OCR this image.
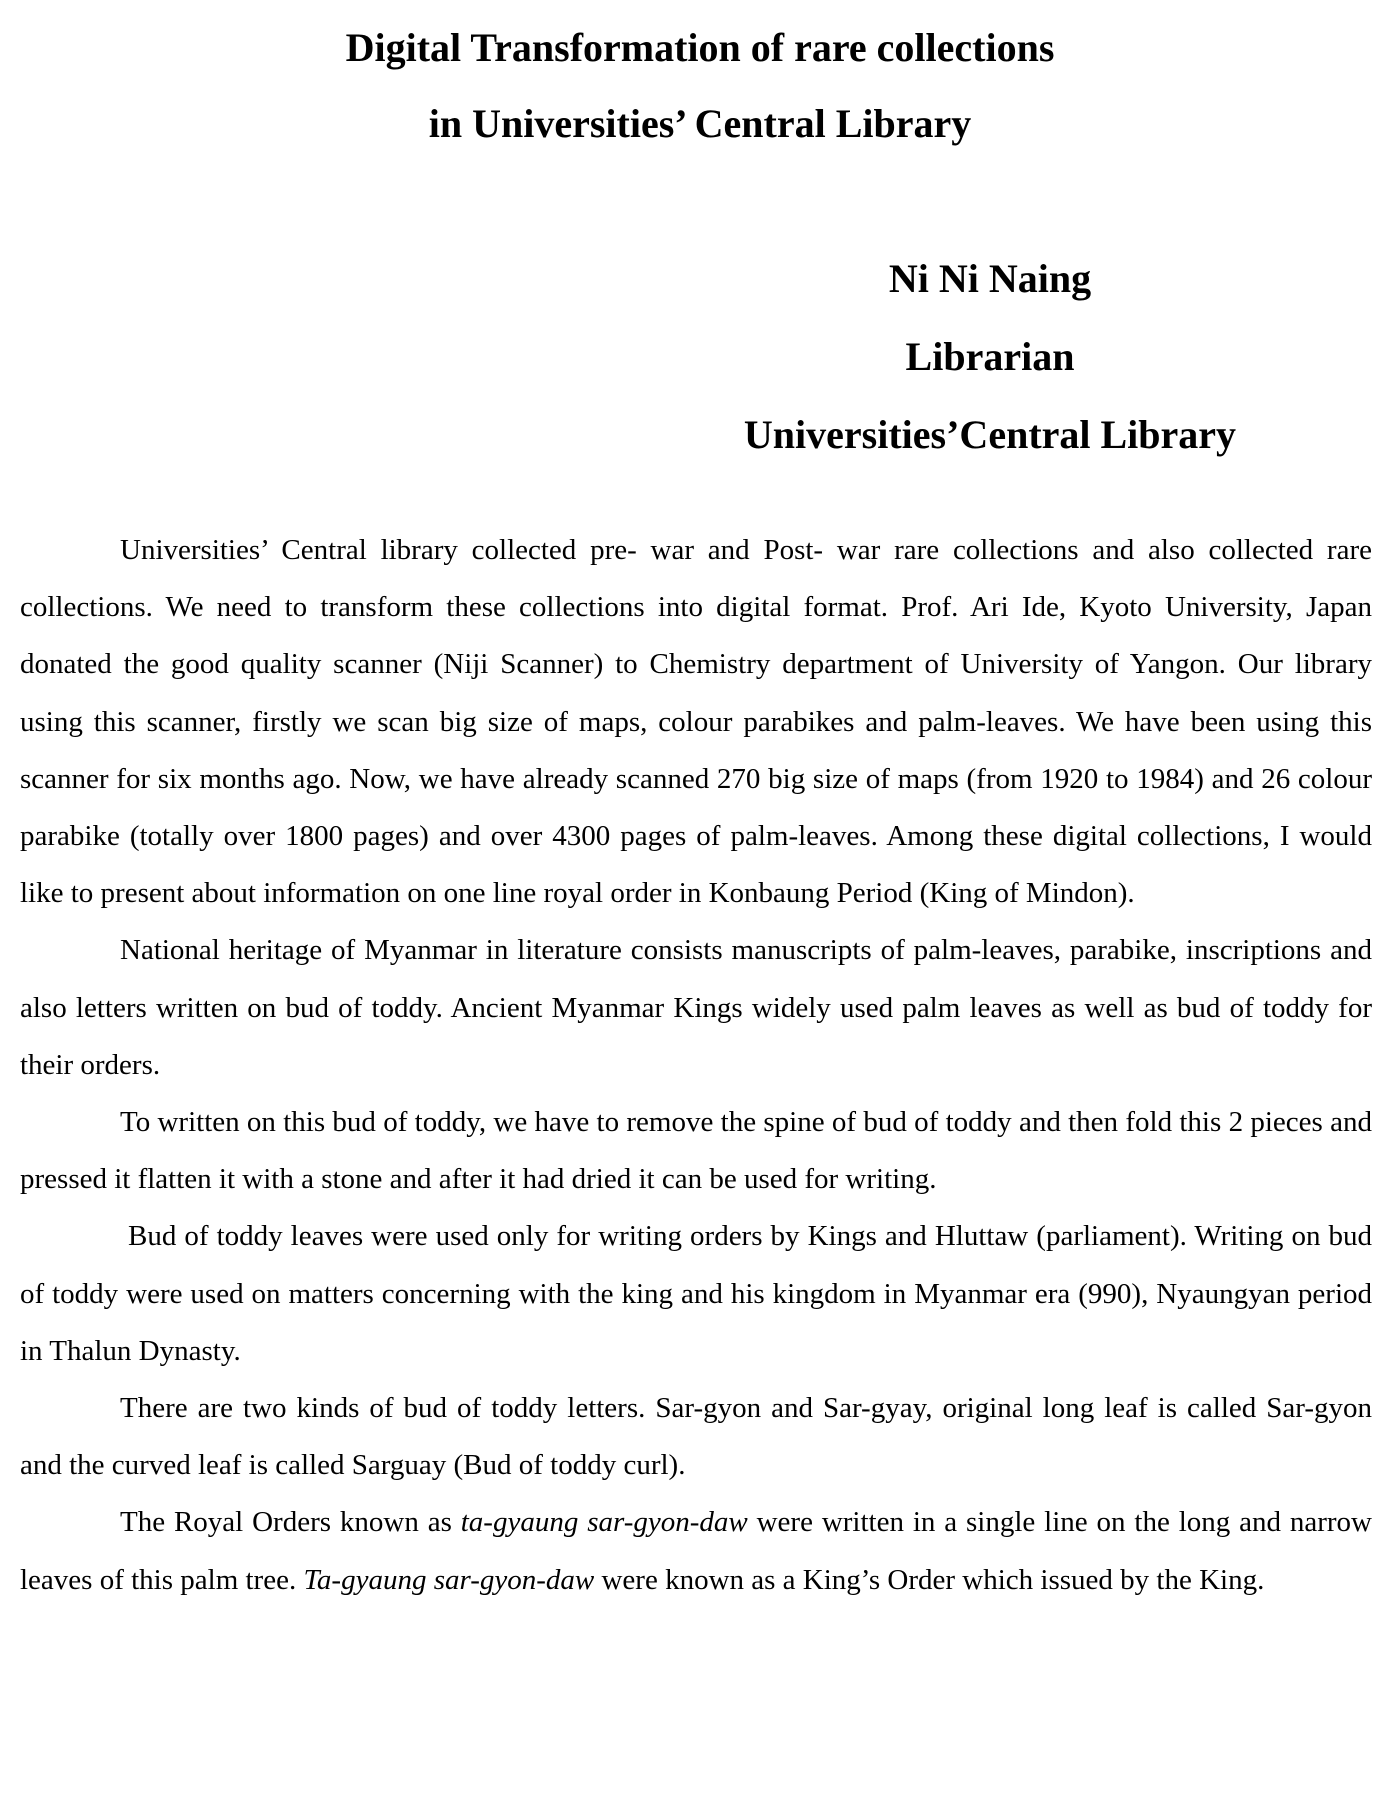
Digital Transformation of rare collections
in Universities’ Central Library
Ni Ni Naing
Librarian
Universities’Central Library

Universities’ Central library collected pre- war and Post- war rare collections and also collected rare collections. We need to transform these collections into digital format. Prof. Ari Ide, Kyoto University, Japan donated the good quality scanner (Niji Scanner) to Chemistry department of University of Yangon. Our library using this scanner, firstly we scan big size of maps, colour parabikes and palm-leaves. We have been using this scanner for six months ago. Now, we have already scanned 270 big size of maps (from 1920 to 1984) and 26 colour parabike (totally over 1800 pages) and over 4300 pages of palm-leaves. Among these digital collections, I would like to present about information on one line royal order in Konbaung Period (King of Mindon).

National heritage of Myanmar in literature consists manuscripts of palm-leaves, parabike, inscriptions and also letters written on bud of toddy. Ancient Myanmar Kings widely used palm leaves as well as bud of toddy for their orders.

To written on this bud of toddy, we have to remove the spine of bud of toddy and then fold this 2 pieces and pressed it flatten it with a stone and after it had dried it can be used for writing.

Bud of toddy leaves were used only for writing orders by Kings and Hluttaw (parliament). Writing on bud of toddy were used on matters concerning with the king and his kingdom in Myanmar era (990), Nyaungyan period in Thalun Dynasty.

There are two kinds of bud of toddy letters. Sar-gyon and Sar-gyay, original long leaf is called Sar-gyon and the curved leaf is called Sarguay (Bud of toddy curl).

The Royal Orders known as ta-gyaung sar-gyon-daw were written in a single line on the long and narrow leaves of this palm tree. Ta-gyaung sar-gyon-daw were known as a King’s Order which issued by the King.
